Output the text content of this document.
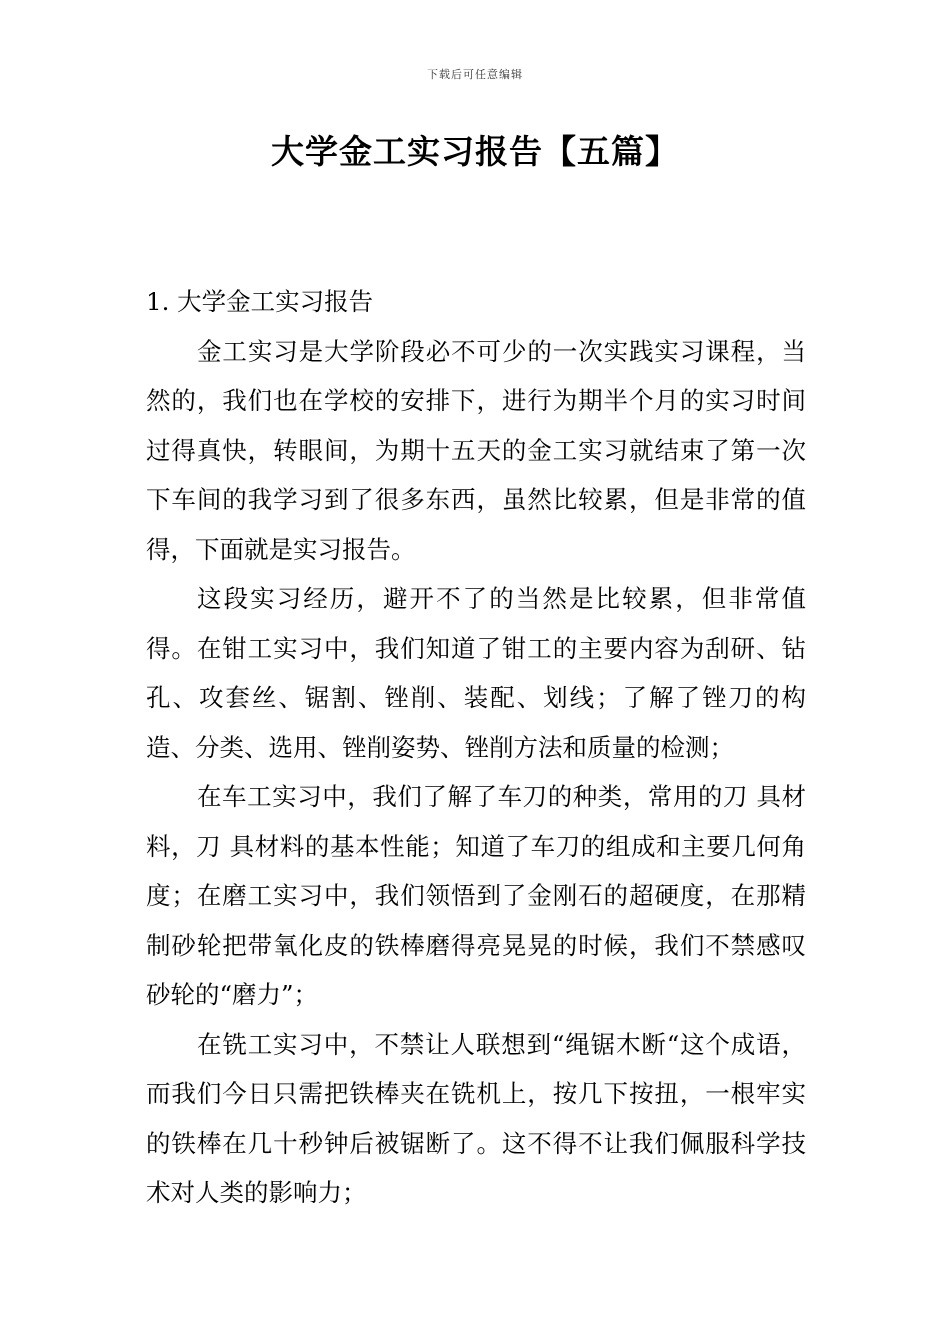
下载后可任意编辑
大学金工实习报告【五篇】
1. 大学金工实习报告

金工实习是大学阶段必不可少的一次实践实习课程，当然的，我们也在学校的安排下，进行为期半个月的实习时间过得真快，转眼间，为期十五天的金工实习就结束了第一次下车间的我学习到了很多东西，虽然比较累，但是非常的值得，下面就是实习报告。

这段实习经历，避开不了的当然是比较累，但非常值得。在钳工实习中，我们知道了钳工的主要内容为刮研、钻孔、攻套丝、锯割、锉削、装配、划线；了解了锉刀的构造、分类、选用、锉削姿势、锉削方法和质量的检测；

在车工实习中，我们了解了车刀的种类，常用的刀 具材料，刀 具材料的基本性能；知道了车刀的组成和主要几何角度；在磨工实习中，我们领悟到了金刚石的超硬度，在那精制砂轮把带氧化皮的铁棒磨得亮晃晃的时候，我们不禁感叹砂轮的“磨力”；

在铣工实习中，不禁让人联想到“绳锯木断“这个成语，而我们今日只需把铁棒夹在铣机上，按几下按扭，一根牢实的铁棒在几十秒钟后被锯断了。这不得不让我们佩服科学技术对人类的影响力；
